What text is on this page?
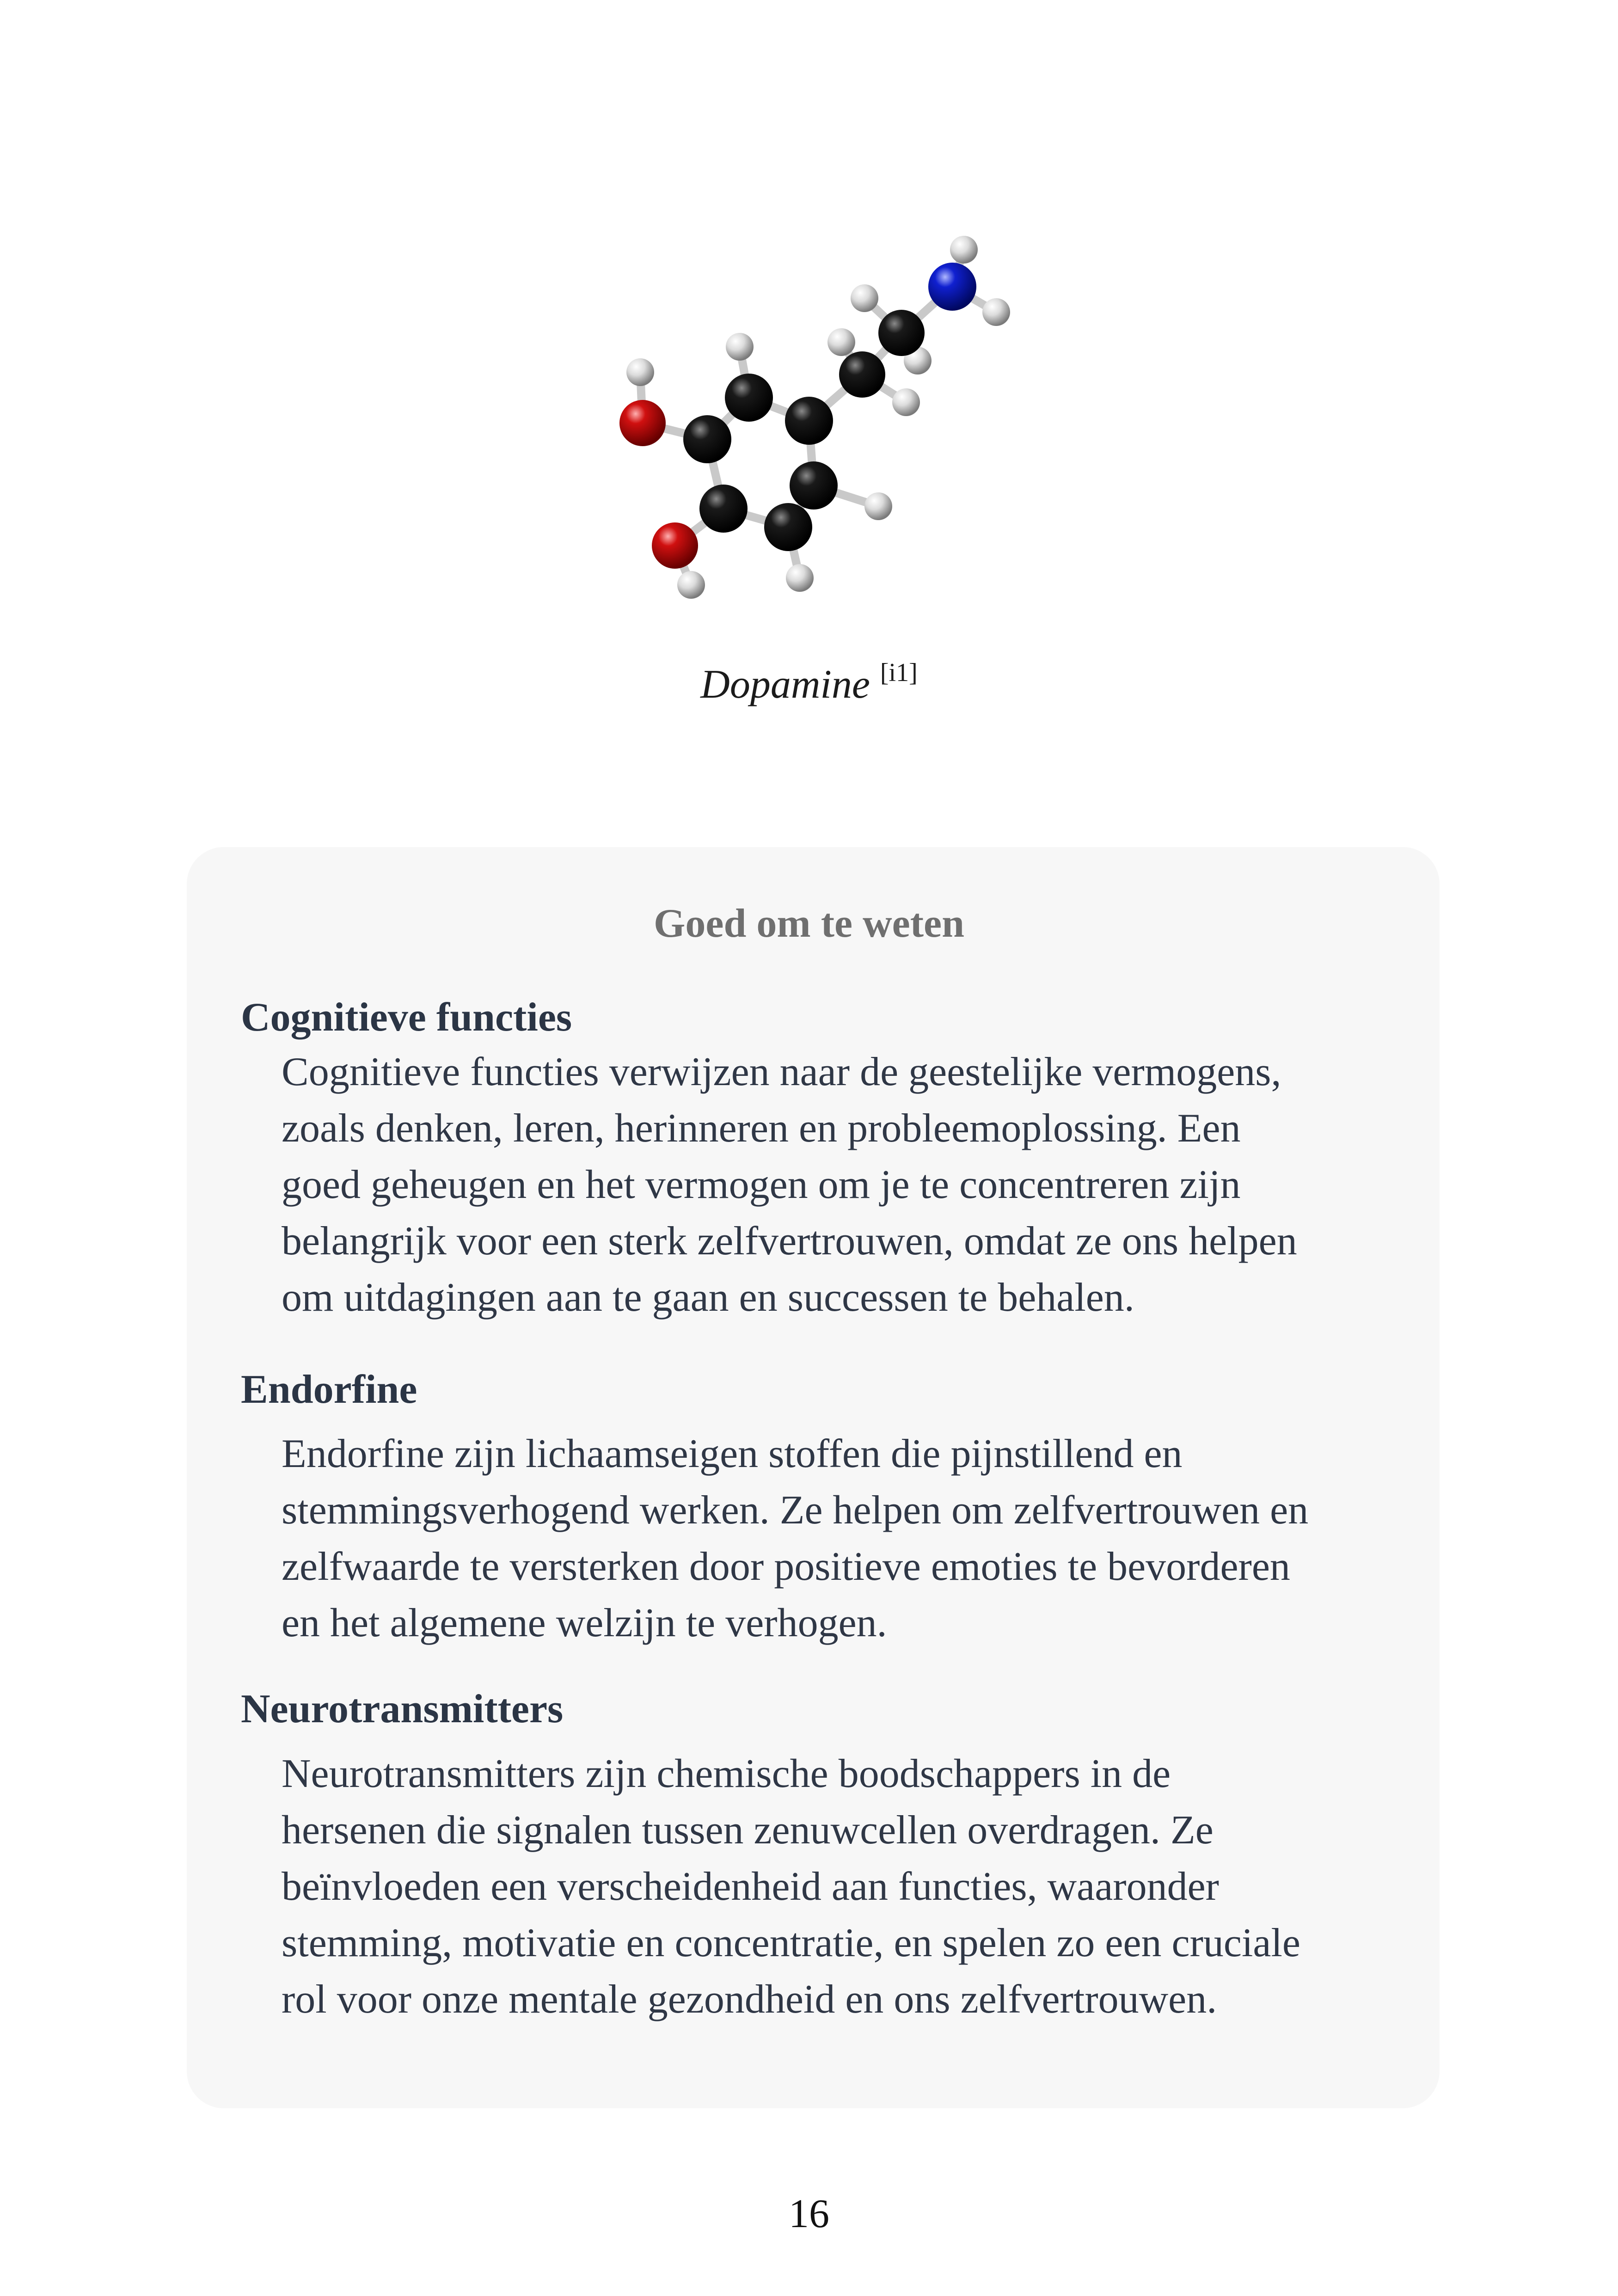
Dopamine [i1]
Goed om te weten
Cognitieve functies
Cognitieve functies verwijzen naar de geestelijke vermogens,
zoals denken, leren, herinneren en probleemoplossing. Een
goed geheugen en het vermogen om je te concentreren zijn
belangrijk voor een sterk zelfvertrouwen, omdat ze ons helpen
om uitdagingen aan te gaan en successen te behalen.
Endorfine
Endorfine zijn lichaamseigen stoffen die pijnstillend en
stemmingsverhogend werken. Ze helpen om zelfvertrouwen en
zelfwaarde te versterken door positieve emoties te bevorderen
en het algemene welzijn te verhogen.
Neurotransmitters
Neurotransmitters zijn chemische boodschappers in de
hersenen die signalen tussen zenuwcellen overdragen. Ze
beïnvloeden een verscheidenheid aan functies, waaronder
stemming, motivatie en concentratie, en spelen zo een cruciale
rol voor onze mentale gezondheid en ons zelfvertrouwen.
16
